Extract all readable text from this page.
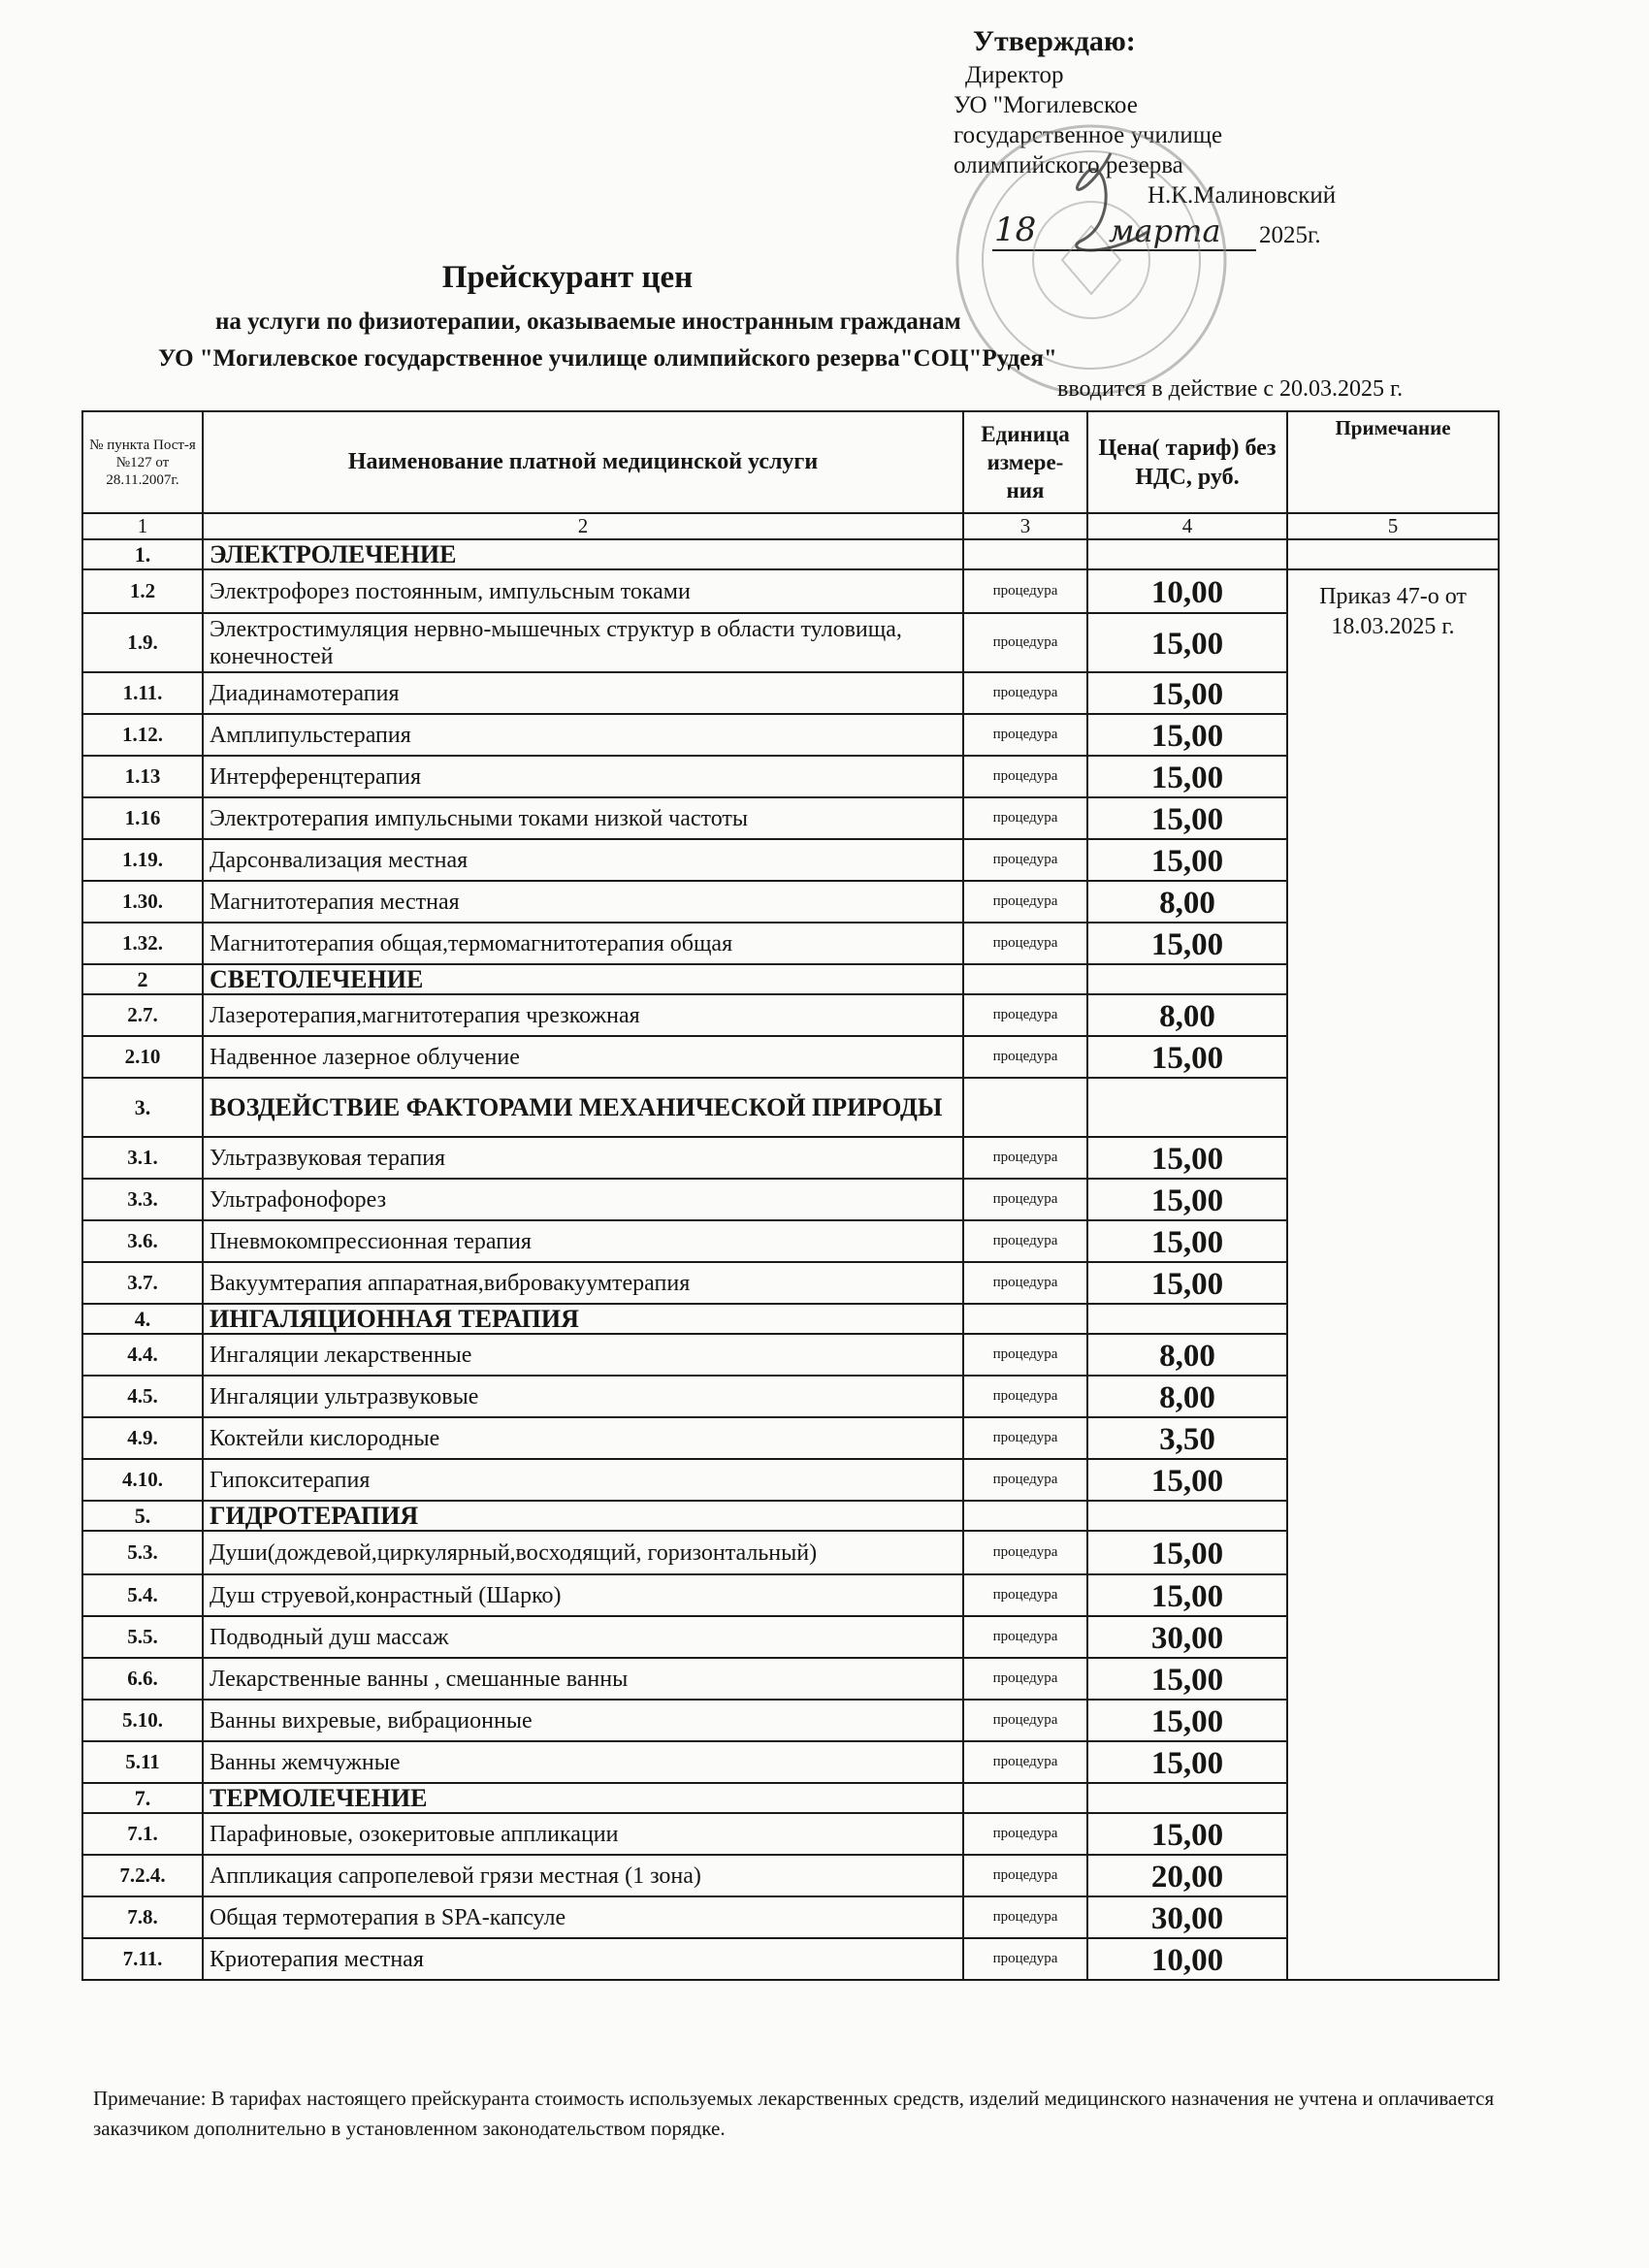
Утверждаю:
Директор
УО "Могилевское
государственное училище
олимпийского резерва
Н.К.Малиновский
18 марта 2025г.
Прейскурант цен
на услуги по физиотерапии, оказываемые иностранным гражданам
УО "Могилевское государственное училище олимпийского резерва"СОЦ"Рудея"
вводится в действие с 20.03.2025 г.
№ пункта Пост-я №127 от 28.11.2007г.	Наименование платной медицинской услуги	Единица измере- ния	Цена( тариф) без НДС, руб.	Примечание
1	2	3	4	5
1.	ЭЛЕКТРОЛЕЧЕНИЕ			
1.2	Электрофорез постоянным, импульсным токами	процедура	10,00	Приказ 47-о от 18.03.2025 г.
1.9.	Электростимуляция нервно-мышечных структур в области туловища, конечностей	процедура	15,00	
1.11.	Диадинамотерапия	процедура	15,00	
1.12.	Амплипульстерапия	процедура	15,00	
1.13	Интерференцтерапия	процедура	15,00	
1.16	Электротерапия импульсными токами низкой частоты	процедура	15,00	
1.19.	Дарсонвализация местная	процедура	15,00	
1.30.	Магнитотерапия местная	процедура	8,00	
1.32.	Магнитотерапия общая,термомагнитотерапия общая	процедура	15,00	
2	СВЕТОЛЕЧЕНИЕ			
2.7.	Лазеротерапия,магнитотерапия чрезкожная	процедура	8,00	
2.10	Надвенное лазерное облучение	процедура	15,00	
3.	ВОЗДЕЙСТВИЕ ФАКТОРАМИ МЕХАНИЧЕСКОЙ ПРИРОДЫ			
3.1.	Ультразвуковая терапия	процедура	15,00	
3.3.	Ультрафонофорез	процедура	15,00	
3.6.	Пневмокомпрессионная терапия	процедура	15,00	
3.7.	Вакуумтерапия аппаратная,вибровакуумтерапия	процедура	15,00	
4.	ИНГАЛЯЦИОННАЯ ТЕРАПИЯ			
4.4.	Ингаляции лекарственные	процедура	8,00	
4.5.	Ингаляции ультразвуковые	процедура	8,00	
4.9.	Коктейли кислородные	процедура	3,50	
4.10.	Гипокситерапия	процедура	15,00	
5.	ГИДРОТЕРАПИЯ			
5.3.	Души(дождевой,циркулярный,восходящий, горизонтальный)	процедура	15,00	
5.4.	Душ струевой,конрастный (Шарко)	процедура	15,00	
5.5.	Подводный душ массаж	процедура	30,00	
6.6.	Лекарственные ванны , смешанные ванны	процедура	15,00	
5.10.	Ванны вихревые, вибрационные	процедура	15,00	
5.11	Ванны жемчужные	процедура	15,00	
7.	ТЕРМОЛЕЧЕНИЕ			
7.1.	Парафиновые, озокеритовые аппликации	процедура	15,00	
7.2.4.	Аппликация сапропелевой грязи местная (1 зона)	процедура	20,00	
7.8.	Общая термотерапия в SPA-капсуле	процедура	30,00	
7.11.	Криотерапия местная	процедура	10,00	
Примечание: В тарифах настоящего прейскуранта стоимость используемых лекарственных средств, изделий медицинского назначения не учтена и оплачивается заказчиком дополнительно в установленном законодательством порядке.
